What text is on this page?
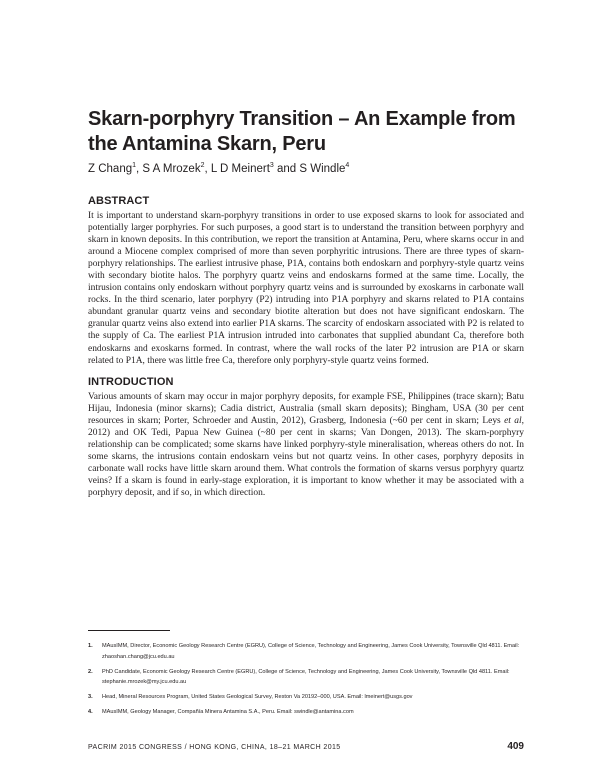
Skarn-porphyry Transition – An Example from the Antamina Skarn, Peru
Z Chang$^1$, S A Mrozek$^2$, L D Meinert$^3$ and S Windle$^4$
ABSTRACT

It is important to understand skarn-porphyry transitions in order to use exposed skarns to look for associated and potentially larger porphyries. For such purposes, a good start is to understand the transition between porphyry and skarn in known deposits. In this contribution, we report the transition at Antamina, Peru, where skarns occur in and around a Miocene complex comprised of more than seven porphyritic intrusions. There are three types of skarn-porphyry relationships. The earliest intrusive phase, P1A, contains both endoskarn and porphyry-style quartz veins with secondary biotite halos. The porphyry quartz veins and endoskarns formed at the same time. Locally, the intrusion contains only endoskarn without porphyry quartz veins and is surrounded by exoskarns in carbonate wall rocks. In the third scenario, later porphyry (P2) intruding into P1A porphyry and skarns related to P1A contains abundant granular quartz veins and secondary biotite alteration but does not have significant endoskarn. The granular quartz veins also extend into earlier P1A skarns. The scarcity of endoskarn associated with P2 is related to the supply of Ca. The earliest P1A intrusion intruded into carbonates that supplied abundant Ca, therefore both endoskarns and exoskarns formed. In contrast, where the wall rocks of the later P2 intrusion are P1A or skarn related to P1A, there was little free Ca, therefore only porphyry-style quartz veins formed.

INTRODUCTION

Various amounts of skarn may occur in major porphyry deposits, for example FSE, Philippines (trace skarn); Batu Hijau, Indonesia (minor skarns); Cadia district, Australia (small skarn deposits); Bingham, USA (30 per cent resources in skarn; Porter, Schroeder and Austin, 2012), Grasberg, Indonesia (~60 per cent in skarn; Leys et al, 2012) and OK Tedi, Papua New Guinea (~80 per cent in skarns; Van Dongen, 2013). The skarn-porphyry relationship can be complicated; some skarns have linked porphyry-style mineralisation, whereas others do not. In some skarns, the intrusions contain endoskarn veins but not quartz veins. In other cases, porphyry deposits in carbonate wall rocks have little skarn around them. What controls the formation of skarns versus porphyry quartz veins? If a skarn is found in early-stage exploration, it is important to know whether it may be associated with a porphyry deposit, and if so, in which direction.

1.	MAusIMM, Director, Economic Geology Research Centre (EGRU), College of Science, Technology and Engineering, James Cook University, Townsville Qld 4811. Email: zhaoshan.chang@jcu.edu.au
2.	PhD Candidate, Economic Geology Research Centre (EGRU), College of Science, Technology and Engineering, James Cook University, Townsville Qld 4811. Email: stephanie.mrozek@my.jcu.edu.au
3.	Head, Mineral Resources Program, United States Geological Survey, Reston Va 20192–000, USA. Email: lmeinert@usgs.gov
4.	MAusIMM, Geology Manager, Compañía Minera Antamina S.A., Peru. Email: swindle@antamina.com
PACRIM 2015 CONGRESS / HONG KONG, CHINA, 18–21 MARCH 2015	409
